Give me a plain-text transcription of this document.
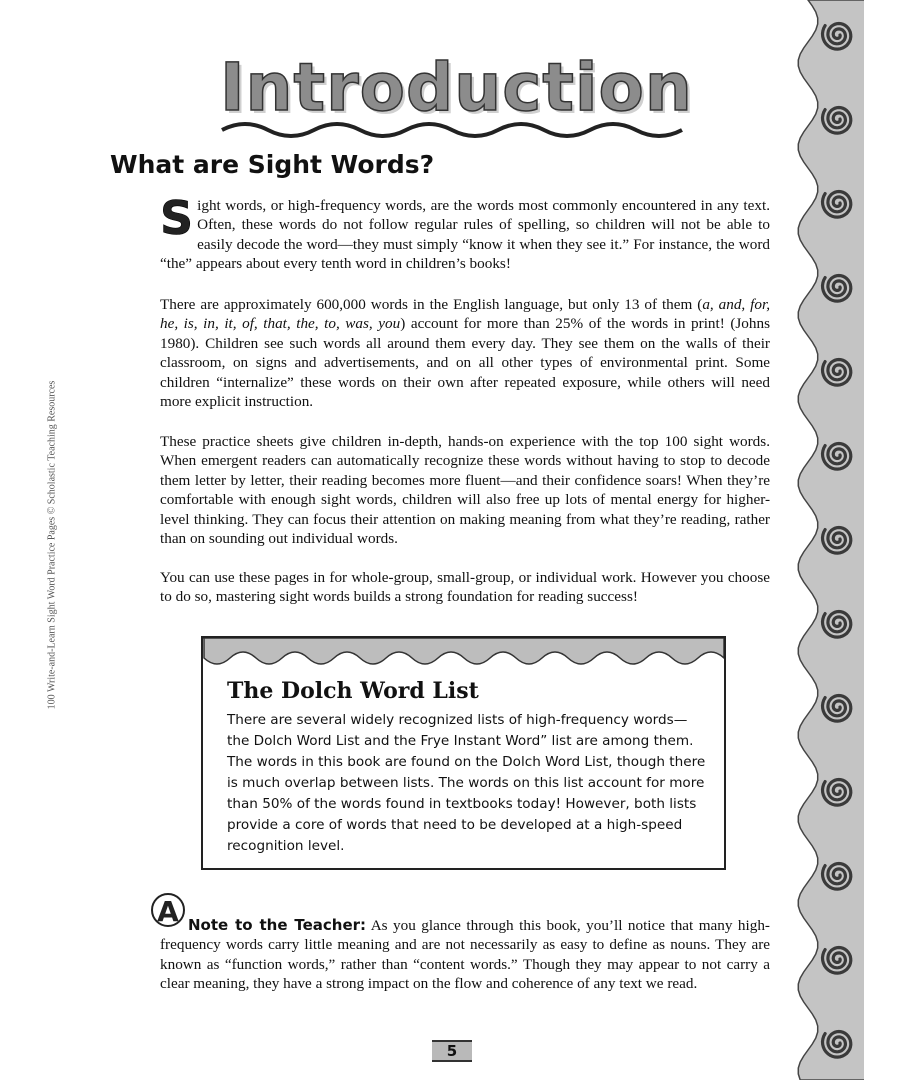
100 Write-and-Learn Sight Word Practice Pages © Scholastic Teaching Resources
Introduction
What are Sight Words?

Sight words, or high-frequency words, are the words most commonly encountered in any text. Often, these words do not follow regular rules of spelling, so children will not be able to easily decode the word—they must simply “know it when they see it.” For instance, the word “the” appears about every tenth word in children’s books!

There are approximately 600,000 words in the English language, but only 13 of them (a, and, for, he, is, in, it, of, that, the, to, was, you) account for more than 25% of the words in print! (Johns 1980). Children see such words all around them every day. They see them on the walls of their classroom, on signs and advertisements, and on all other types of environmental print. Some children “internalize” these words on their own after repeated exposure, while others will need more explicit instruction.

These practice sheets give children in-depth, hands-on experience with the top 100 sight words. When emergent readers can automatically recognize these words without having to stop to decode them letter by letter, their reading becomes more fluent—and their confidence soars! When they’re comfortable with enough sight words, children will also free up lots of mental energy for higher-level thinking. They can focus their attention on making meaning from what they’re reading, rather than on sounding out individual words.

You can use these pages in for whole-group, small-group, or individual work. However you choose to do so, mastering sight words builds a strong foundation for reading success!

The Dolch Word List

There are several widely recognized lists of high-frequency words—the Dolch Word List and the Frye Instant Word” list are among them. The words in this book are found on the Dolch Word List, though there is much overlap between lists. The words on this list account for more than 50% of the words found in textbooks today! However, both lists provide a core of words that need to be developed at a high-speed recognition level.

A Note to the Teacher: As you glance through this book, you’ll notice that many high-frequency words carry little meaning and are not necessarily as easy to define as nouns. They are known as “function words,” rather than “content words.” Though they may appear to not carry a clear meaning, they have a strong impact on the flow and coherence of any text we read.

5
